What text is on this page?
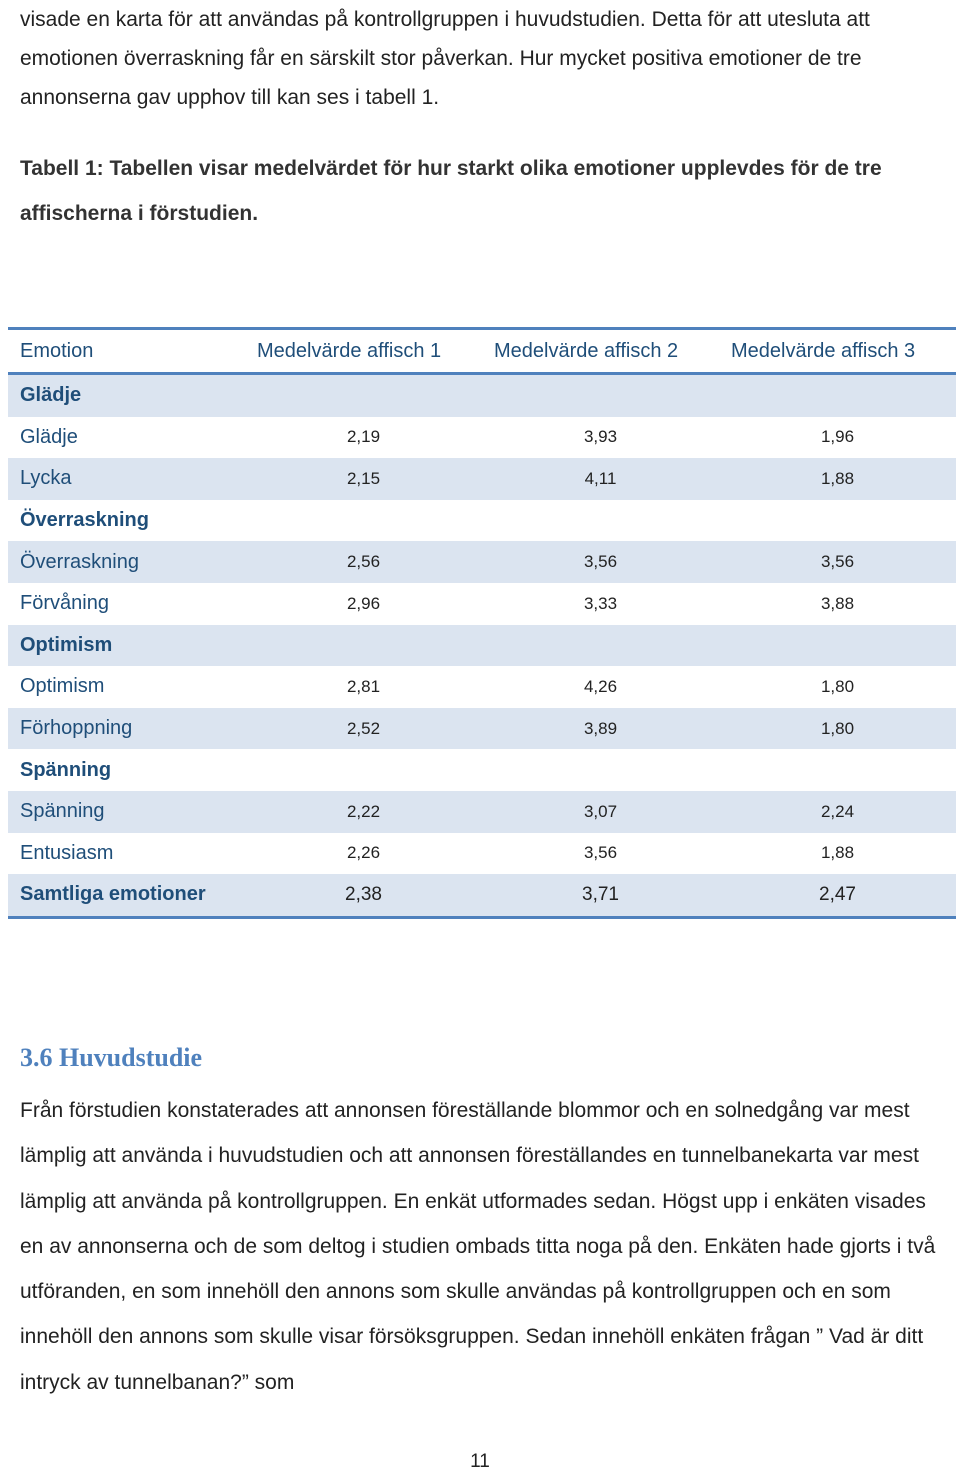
visade en karta för att användas på kontrollgruppen i huvudstudien. Detta för att utesluta att emotionen överraskning får en särskilt stor påverkan. Hur mycket positiva emotioner de tre annonserna gav upphov till kan ses i tabell 1.

Tabell 1: Tabellen visar medelvärdet för hur starkt olika emotioner upplevdes för de tre affischerna i förstudien.

Emotion	Medelvärde affisch 1	Medelvärde affisch 2	Medelvärde affisch 3
Glädje			
Glädje	2,19	3,93	1,96
Lycka	2,15	4,11	1,88
Överraskning			
Överraskning	2,56	3,56	3,56
Förvåning	2,96	3,33	3,88
Optimism			
Optimism	2,81	4,26	1,80
Förhoppning	2,52	3,89	1,80
Spänning			
Spänning	2,22	3,07	2,24
Entusiasm	2,26	3,56	1,88
Samtliga emotioner	2,38	3,71	2,47
3.6 Huvudstudie

Från förstudien konstaterades att annonsen föreställande blommor och en solnedgång var mest lämplig att använda i huvudstudien och att annonsen föreställandes en tunnelbanekarta var mest lämplig att använda på kontrollgruppen. En enkät utformades sedan. Högst upp i enkäten visades en av annonserna och de som deltog i studien ombads titta noga på den. Enkäten hade gjorts i två utföranden, en som innehöll den annons som skulle användas på kontrollgruppen och en som innehöll den annons som skulle visar försöksgruppen. Sedan innehöll enkäten frågan ” Vad är ditt intryck av tunnelbanan?” som

11
